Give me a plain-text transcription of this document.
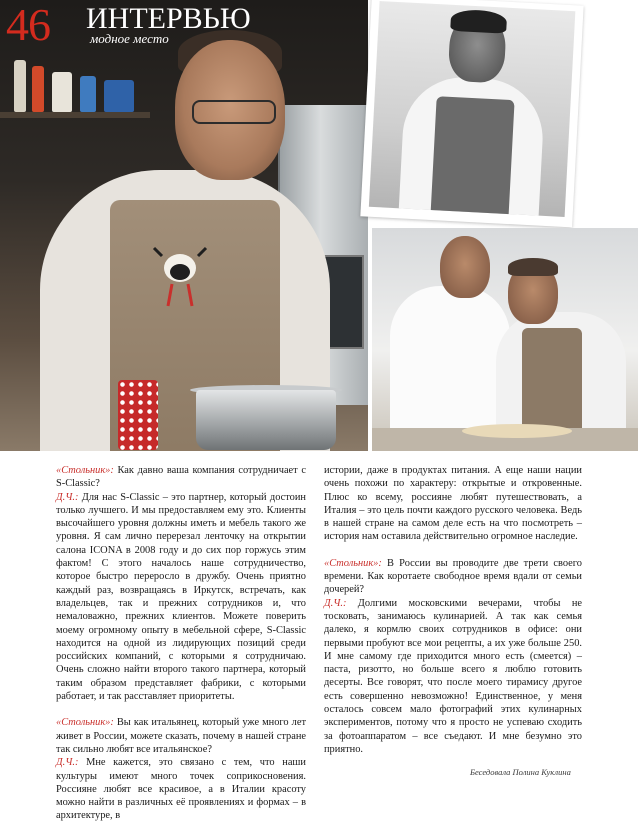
46 ИНТЕРВЬЮ
модное место

«Стольник»: Как давно ваша компания сотрудничает с S-Classic?

Д.Ч.: Для нас S-Classic – это партнер, который достоин только лучшего. И мы предоставляем ему это. Клиенты высочайшего уровня должны иметь и мебель такого же уровня. Я сам лично перерезал ленточку на открытии салона ICONA в 2008 году и до сих пор горжусь этим фактом! С этого началось наше сотрудничество, которое быстро переросло в дружбу. Очень приятно каждый раз, возвращаясь в Иркутск, встречать, как владельцев, так и прежних сотрудников и, что немаловажно, прежних клиентов. Можете поверить моему огромному опыту в мебельной сфере, S-Classic находится на одной из лидирующих позиций среди российских компаний, с которыми я сотрудничаю. Очень сложно найти второго такого партнера, который таким образом представляет фабрики, с которыми работает, и так расставляет приоритеты.

«Стольник»: Вы как итальянец, который уже много лет живет в России, можете сказать, почему в нашей стране так сильно любят все итальянское?

Д.Ч.: Мне кажется, это связано с тем, что наши культуры имеют много точек соприкосновения. Россияне любят все красивое, а в Италии красоту можно найти в различных её проявлениях и формах – в архитектуре, в

истории, даже в продуктах питания. А еще наши нации очень похожи по характеру: открытые и откровенные. Плюс ко всему, россияне любят путешествовать, а Италия – это цель почти каждого русского человека. Ведь в нашей стране на самом деле есть на что посмотреть – история нам оставила действительно огромное наследие.

«Стольник»: В России вы проводите две трети своего времени. Как коротаете свободное время вдали от семьи дочерей?

Д.Ч.: Долгими московскими вечерами, чтобы не тосковать, занимаюсь кулинарией. А так как семья далеко, я кормлю своих сотрудников в офисе: они первыми пробуют все мои рецепты, а их уже больше 250. И мне самому где приходится много есть (смеется) – паста, ризотто, но больше всего я люблю готовить десерты. Все говорят, что после моего тирамису другое есть совершенно невозможно! Единственное, у меня осталось совсем мало фотографий этих кулинарных экспериментов, потому что я просто не успеваю сходить за фотоаппаратом – все съедают. И мне безумно это приятно.

Беседовала Полина Куклина
